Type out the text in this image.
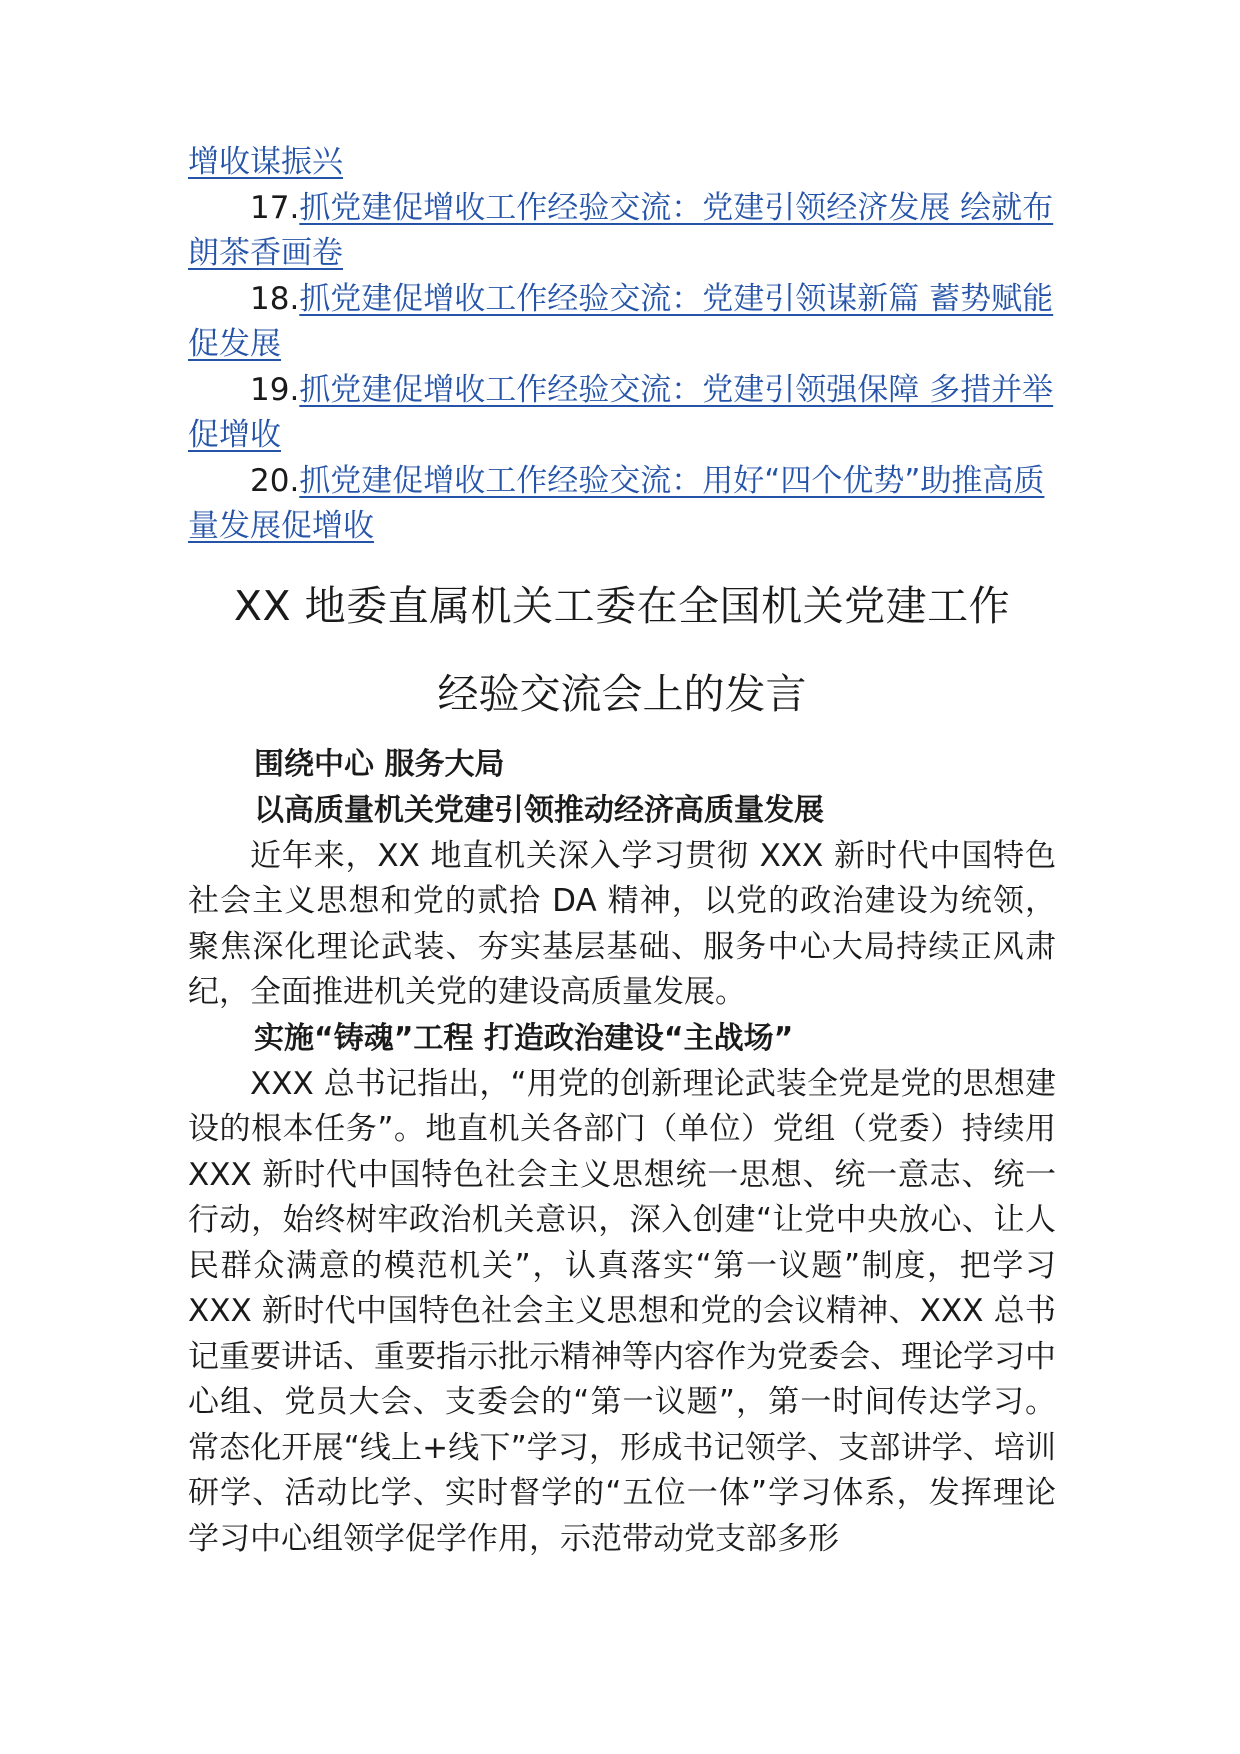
增收谋振兴

17.抓党建促增收工作经验交流：党建引领经济发展 绘就布朗茶香画卷

18.抓党建促增收工作经验交流：党建引领谋新篇 蓄势赋能促发展

19.抓党建促增收工作经验交流：党建引领强保障 多措并举促增收

20.抓党建促增收工作经验交流：用好“四个优势”助推高质量发展促增收

XX 地委直属机关工委在全国机关党建工作
经验交流会上的发言

围绕中心 服务大局

以高质量机关党建引领推动经济高质量发展

近年来，XX 地直机关深入学习贯彻 XXX 新时代中国特色社会主义思想和党的贰拾 DA 精神，以党的政治建设为统领，聚焦深化理论武装、夯实基层基础、服务中心大局持续正风肃纪，全面推进机关党的建设高质量发展。

实施“铸魂”工程 打造政治建设“主战场”

XXX 总书记指出，“用党的创新理论武装全党是党的思想建设的根本任务”。地直机关各部门（单位）党组（党委）持续用 XXX 新时代中国特色社会主义思想统一思想、统一意志、统一行动，始终树牢政治机关意识，深入创建“让党中央放心、让人民群众满意的模范机关”，认真落实“第一议题”制度，把学习 XXX 新时代中国特色社会主义思想和党的会议精神、XXX 总书记重要讲话、重要指示批示精神等内容作为党委会、理论学习中心组、党员大会、支委会的“第一议题”，第一时间传达学习。常态化开展“线上+线下”学习，形成书记领学、支部讲学、培训研学、活动比学、实时督学的“五位一体”学习体系，发挥理论学习中心组领学促学作用，示范带动党支部多形
